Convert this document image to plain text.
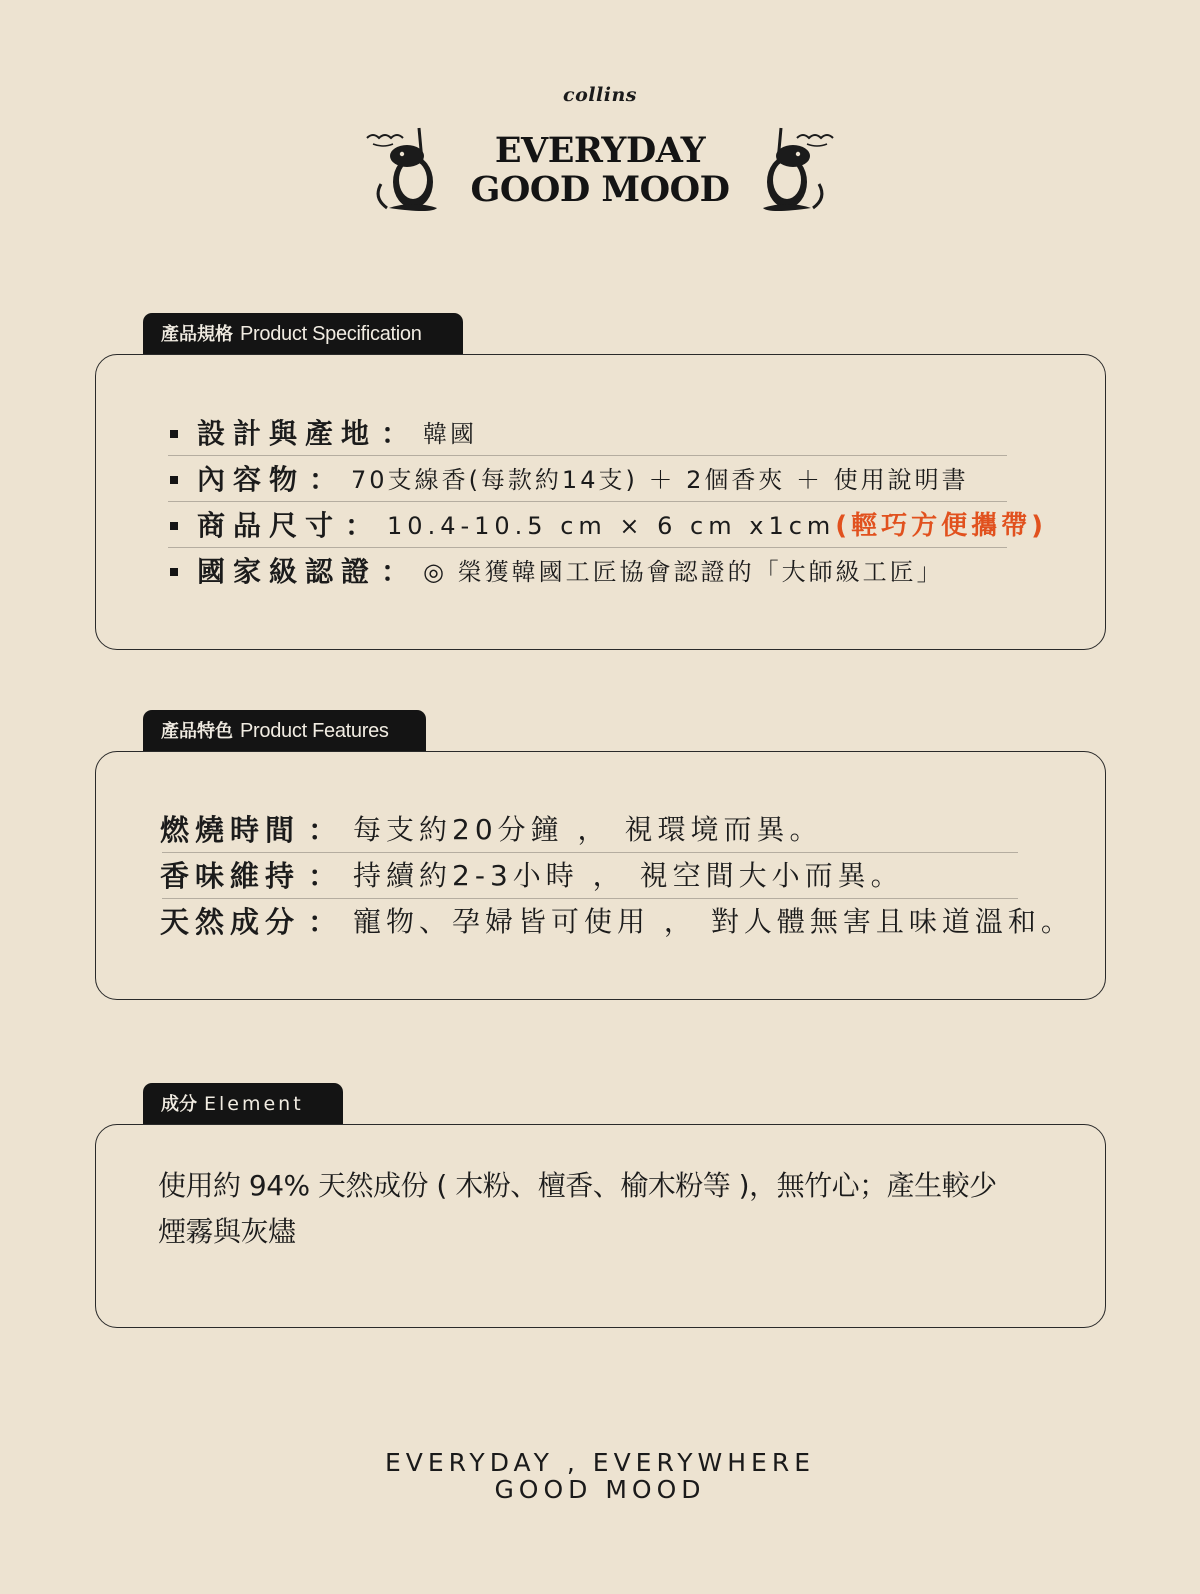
collins
EVERYDAY
GOOD MOOD
產品規格 Product Specification
設計與產地 ： 韓國
內容物 ： 70支線香(每款約14支) ＋ 2個香夾 ＋ 使用說明書
商品尺寸 ： 10.4-10.5 cm × 6 cm x1cm (輕巧方便攜帶)
國家級認證 ： ◎ 榮獲韓國工匠協會認證的「大師級工匠」
產品特色 Product Features
燃燒時間 ： 每支約20分鐘 ， 視環境而異。
香味維持 ： 持續約2-3小時 ， 視空間大小而異。
天然成分 ： 寵物、孕婦皆可使用 ， 對人體無害且味道溫和。
成分 Element
使用約 94% 天然成份 ( 木粉、檀香、榆木粉等 )，無竹心；產生較少
煙霧與灰燼
EVERYDAY , EVERYWHERE
GOOD MOOD
